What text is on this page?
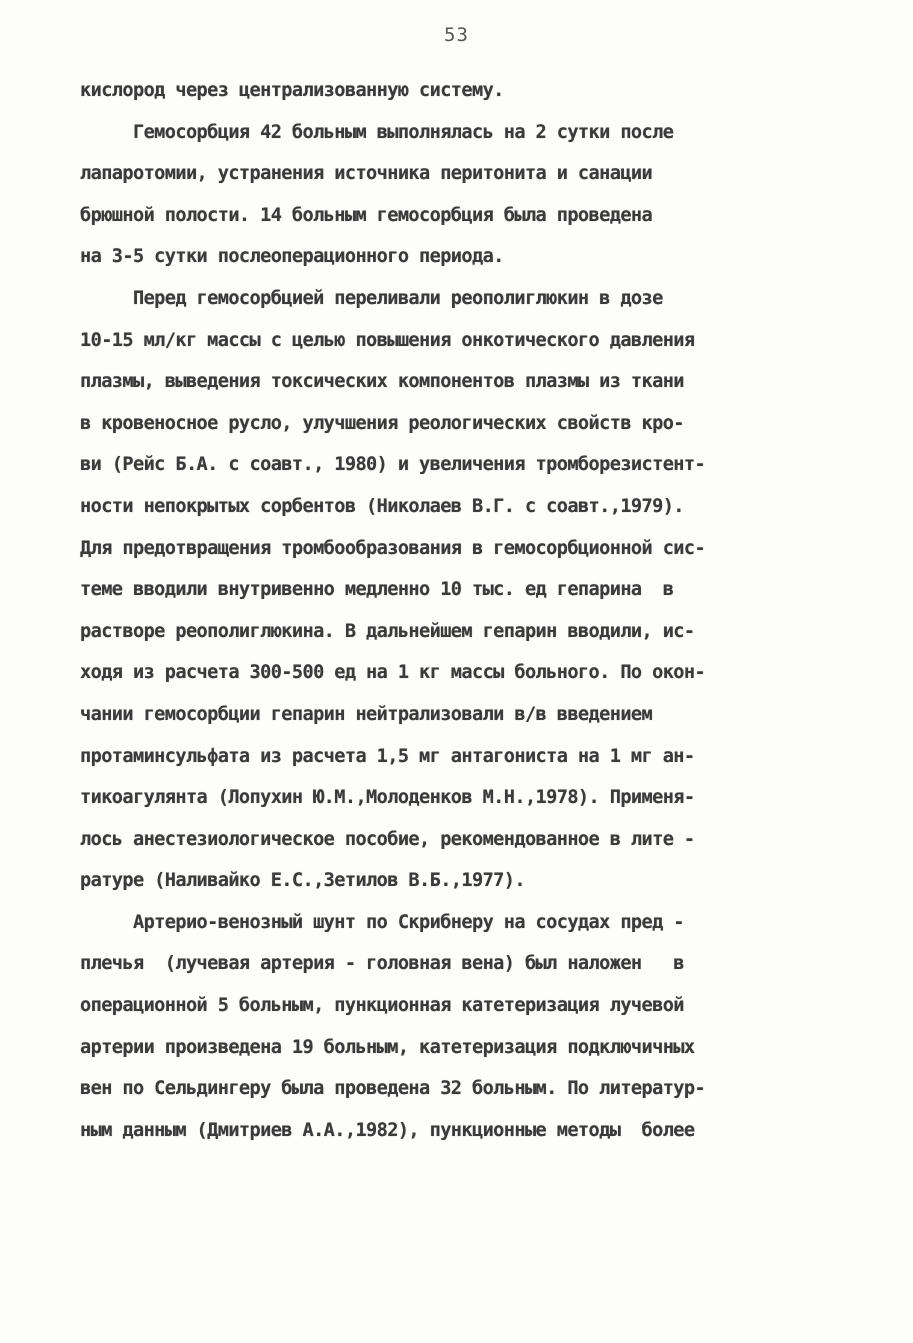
53
кислород через централизованную систему.
Гемосорбция 42 больным выполнялась на 2 сутки после
лапаротомии, устранения источника перитонита и санации
брюшной полости. 14 больным гемосорбция была проведена
на 3-5 сутки послеоперационного периода.
Перед гемосорбцией переливали реополиглюкин в дозе
10-15 мл/кг массы с целью повышения онкотического давления
плазмы, выведения токсических компонентов плазмы из ткани
в кровеносное русло, улучшения реологических свойств кро-
ви (Рейс Б.А. с соавт., 1980) и увеличения тромборезистент-
ности непокрытых сорбентов (Николаев В.Г. с соавт.,1979).
Для предотвращения тромбообразования в гемосорбционной сис-
теме вводили внутривенно медленно 10 тыс. ед гепарина  в
растворе реополиглюкина. В дальнейшем гепарин вводили, ис-
ходя из расчета 300-500 ед на 1 кг массы больного. По окон-
чании гемосорбции гепарин нейтрализовали в/в введением
протаминсульфата из расчета 1,5 мг антагониста на 1 мг ан-
тикоагулянта (Лопухин Ю.М.,Молоденков М.Н.,1978). Применя-
лось анестезиологическое пособие, рекомендованное в лите -
ратуре (Наливайко Е.С.,Зетилов В.Б.,1977).
Артерио-венозный шунт по Скрибнеру на сосудах пред -
плечья  (лучевая артерия - головная вена) был наложен   в
операционной 5 больным, пункционная катетеризация лучевой
артерии произведена 19 больным, катетеризация подключичных
вен по Сельдингеру была проведена 32 больным. По литератур-
ным данным (Дмитриев А.А.,1982), пункционные методы  более
